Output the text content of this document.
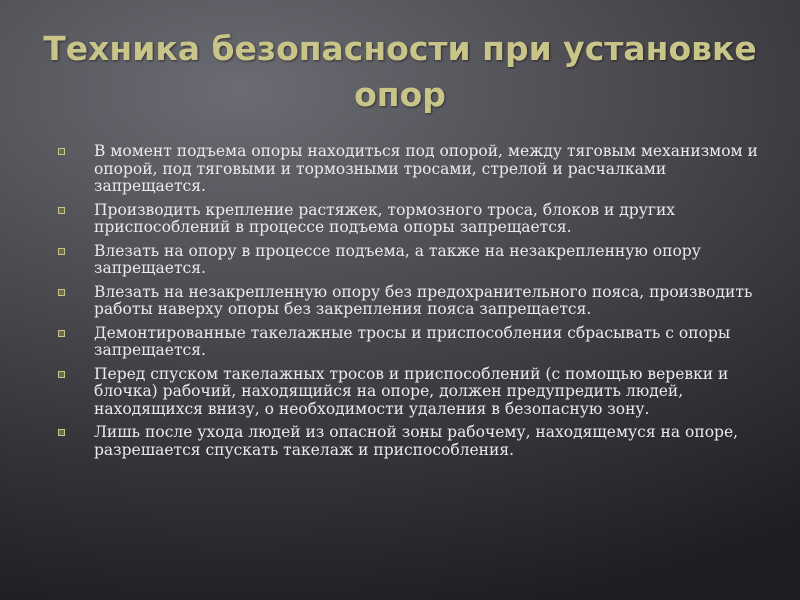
Техника безопасности при установке опор
В момент подъема опоры находиться под опорой, между тяговым механизмом и опорой, под тяговыми и тормозными тросами, стрелой и расчалками запрещается.
Производить крепление растяжек, тормозного троса, блоков и других приспособлений в процессе подъема опоры запрещается.
Влезать на опору в процессе подъема, а также на незакрепленную опору запрещается.
Влезать на незакрепленную опору без предохранительного пояса, производить работы наверху опоры без закрепления пояса запрещается.
Демонтированные такелажные тросы и приспособления сбрасывать с опоры запрещается.
Перед спуском такелажных тросов и приспособлений (с помощью веревки и блочка) рабочий, находящийся на опоре, должен предупредить людей, находящихся внизу, о необходимости удаления в безопасную зону.
Лишь после ухода людей из опасной зоны рабочему, находящемуся на опоре, разрешается спускать такелаж и приспособления.
